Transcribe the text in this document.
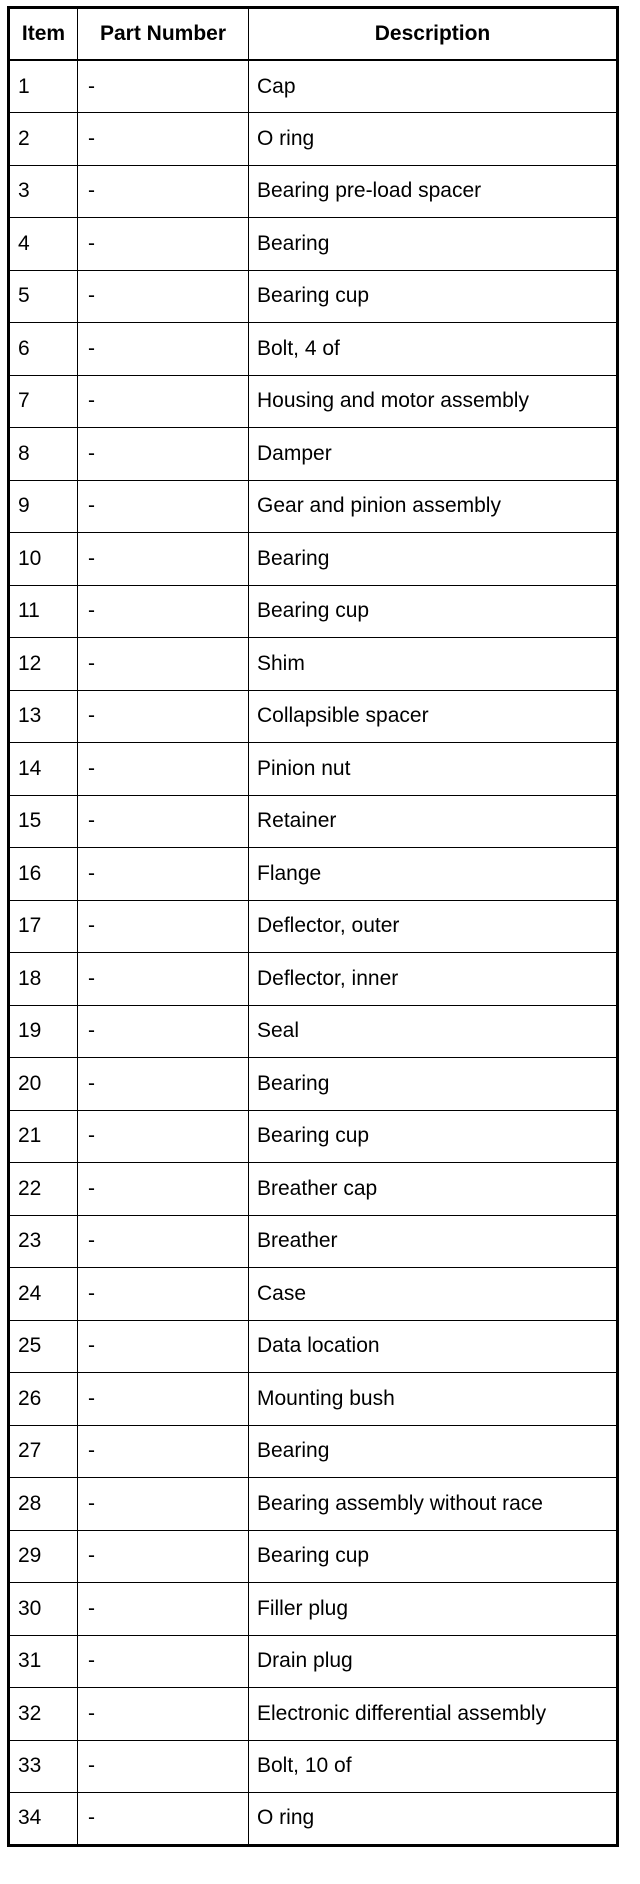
Item	Part Number	Description
1	-	Cap
2	-	O ring
3	-	Bearing pre-load spacer
4	-	Bearing
5	-	Bearing cup
6	-	Bolt, 4 of
7	-	Housing and motor assembly
8	-	Damper
9	-	Gear and pinion assembly
10	-	Bearing
11	-	Bearing cup
12	-	Shim
13	-	Collapsible spacer
14	-	Pinion nut
15	-	Retainer
16	-	Flange
17	-	Deflector, outer
18	-	Deflector, inner
19	-	Seal
20	-	Bearing
21	-	Bearing cup
22	-	Breather cap
23	-	Breather
24	-	Case
25	-	Data location
26	-	Mounting bush
27	-	Bearing
28	-	Bearing assembly without race
29	-	Bearing cup
30	-	Filler plug
31	-	Drain plug
32	-	Electronic differential assembly
33	-	Bolt, 10 of
34	-	O ring
